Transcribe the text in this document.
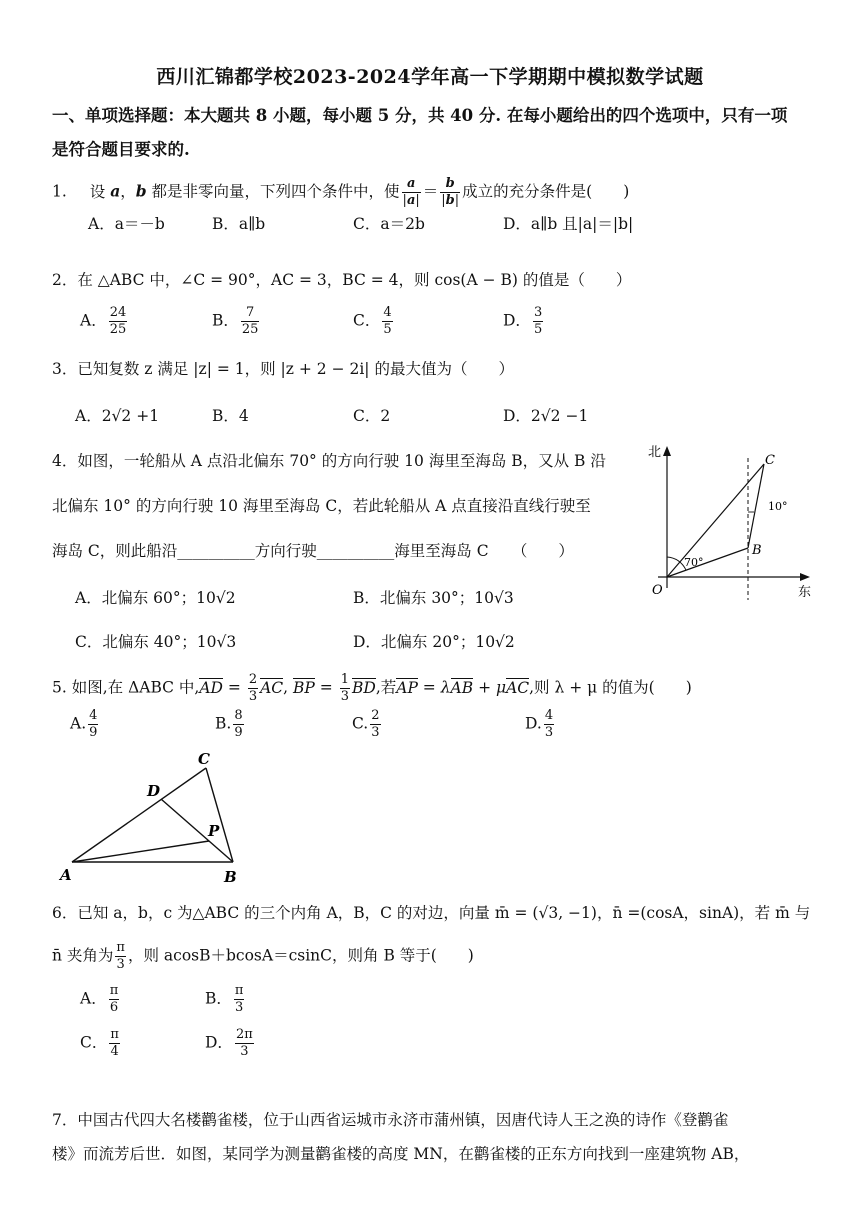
西川汇锦都学校2023-2024学年高一下学期期中模拟数学试题
一、单项选择题：本大题共 8 小题，每小题 5 分，共 40 分. 在每小题给出的四个选项中，只有一项
是符合题目要求的.
1. 设 a，b 都是非零向量，下列四个条件中，使 $\frac{a}{|a|} = \frac{b}{|b|}$ 成立的充分条件是(　　)
A．a＝－b	B．a∥b	C．a＝2b	D．a∥b 且|a|＝|b|
2．在 △ABC 中，∠C = 90°，AC = 3，BC = 4，则 cos(A − B) 的值是（　　）
A． $\frac{24}{25}$	B． $\frac{7}{25}$	C． $\frac{4}{5}$	D． $\frac{3}{5}$
3．已知复数 z 满足 |z| = 1，则 |z + 2 − 2i| 的最大值为（　　）
A．2√2 +1	B．4	C．2	D．2√2 −1
4．如图，一轮船从 A 点沿北偏东 70° 的方向行驶 10 海里至海岛 B，又从 B 沿
北偏东 10° 的方向行驶 10 海里至海岛 C，若此轮船从 A 点直接沿直线行驶至
海岛 C，则此船沿__________方向行驶__________海里至海岛 C　　（　　）
A．北偏东 60°；10√2	B．北偏东 30°；10√3
C．北偏东 40°；10√3	D．北偏东 20°；10√2
北
东
O
B
C
70°
10°
5. 如图,在 ΔABC 中$,AD = \frac{2}{3}$ AC, BP = $\frac{1}{3}$ BD,若AP = λAB + μAC,则 λ + μ 的值为(　　)
A. $\frac{4}{9}$	B. $\frac{8}{9}$	C. $\frac{2}{3}$	D. $\frac{4}{3}$
A	B
C
D
P
6．已知 a，b，c 为△ABC 的三个内角 A，B，C 的对边，向量 m̄ = (√3, −1)，n̄ =(cosA，sinA)，若 m̄ 与
n̄ 夹角为 $\frac{\pi}{3}$ ，则 acosB＋bcosA＝csinC，则角 B 等于(　　)
A． $\frac{\pi}{6}$	B． $\frac{\pi}{3}$
C． $\frac{\pi}{4}$	D． $\frac{2\pi}{3}$
7．中国古代四大名楼鹳雀楼，位于山西省运城市永济市蒲州镇，因唐代诗人王之涣的诗作《登鹳雀
楼》而流芳后世．如图，某同学为测量鹳雀楼的高度 MN，在鹳雀楼的正东方向找到一座建筑物 AB，
